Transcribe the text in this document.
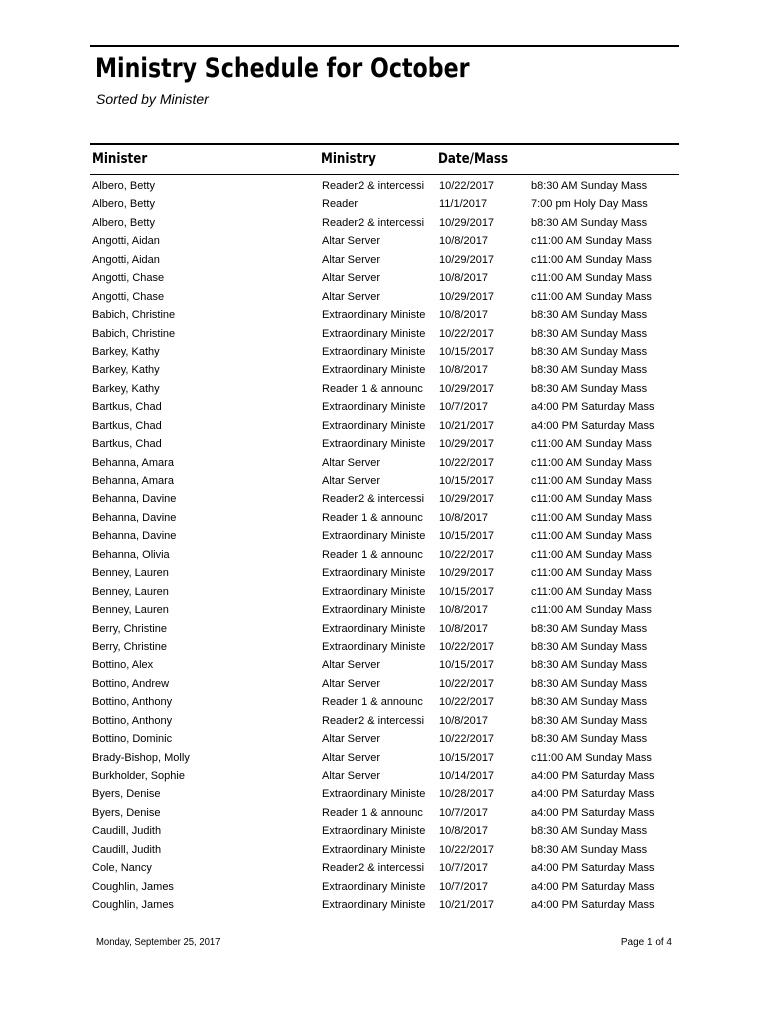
Ministry Schedule for October
Sorted by Minister
Minister	Ministry	Date/Mass
Albero, Betty	Reader2 & intercessi	10/22/2017	b8:30 AM Sunday Mass
Albero, Betty	Reader	11/1/2017	7:00 pm Holy Day Mass
Albero, Betty	Reader2 & intercessi	10/29/2017	b8:30 AM Sunday Mass
Angotti, Aidan	Altar Server	10/8/2017	c11:00 AM Sunday Mass
Angotti, Aidan	Altar Server	10/29/2017	c11:00 AM Sunday Mass
Angotti, Chase	Altar Server	10/8/2017	c11:00 AM Sunday Mass
Angotti, Chase	Altar Server	10/29/2017	c11:00 AM Sunday Mass
Babich, Christine	Extraordinary Ministe	10/8/2017	b8:30 AM Sunday Mass
Babich, Christine	Extraordinary Ministe	10/22/2017	b8:30 AM Sunday Mass
Barkey, Kathy	Extraordinary Ministe	10/15/2017	b8:30 AM Sunday Mass
Barkey, Kathy	Extraordinary Ministe	10/8/2017	b8:30 AM Sunday Mass
Barkey, Kathy	Reader 1 & announc	10/29/2017	b8:30 AM Sunday Mass
Bartkus, Chad	Extraordinary Ministe	10/7/2017	a4:00 PM Saturday Mass
Bartkus, Chad	Extraordinary Ministe	10/21/2017	a4:00 PM Saturday Mass
Bartkus, Chad	Extraordinary Ministe	10/29/2017	c11:00 AM Sunday Mass
Behanna, Amara	Altar Server	10/22/2017	c11:00 AM Sunday Mass
Behanna, Amara	Altar Server	10/15/2017	c11:00 AM Sunday Mass
Behanna, Davine	Reader2 & intercessi	10/29/2017	c11:00 AM Sunday Mass
Behanna, Davine	Reader 1 & announc	10/8/2017	c11:00 AM Sunday Mass
Behanna, Davine	Extraordinary Ministe	10/15/2017	c11:00 AM Sunday Mass
Behanna, Olivia	Reader 1 & announc	10/22/2017	c11:00 AM Sunday Mass
Benney, Lauren	Extraordinary Ministe	10/29/2017	c11:00 AM Sunday Mass
Benney, Lauren	Extraordinary Ministe	10/15/2017	c11:00 AM Sunday Mass
Benney, Lauren	Extraordinary Ministe	10/8/2017	c11:00 AM Sunday Mass
Berry, Christine	Extraordinary Ministe	10/8/2017	b8:30 AM Sunday Mass
Berry, Christine	Extraordinary Ministe	10/22/2017	b8:30 AM Sunday Mass
Bottino, Alex	Altar Server	10/15/2017	b8:30 AM Sunday Mass
Bottino, Andrew	Altar Server	10/22/2017	b8:30 AM Sunday Mass
Bottino, Anthony	Reader 1 & announc	10/22/2017	b8:30 AM Sunday Mass
Bottino, Anthony	Reader2 & intercessi	10/8/2017	b8:30 AM Sunday Mass
Bottino, Dominic	Altar Server	10/22/2017	b8:30 AM Sunday Mass
Brady-Bishop, Molly	Altar Server	10/15/2017	c11:00 AM Sunday Mass
Burkholder, Sophie	Altar Server	10/14/2017	a4:00 PM Saturday Mass
Byers, Denise	Extraordinary Ministe	10/28/2017	a4:00 PM Saturday Mass
Byers, Denise	Reader 1 & announc	10/7/2017	a4:00 PM Saturday Mass
Caudill, Judith	Extraordinary Ministe	10/8/2017	b8:30 AM Sunday Mass
Caudill, Judith	Extraordinary Ministe	10/22/2017	b8:30 AM Sunday Mass
Cole, Nancy	Reader2 & intercessi	10/7/2017	a4:00 PM Saturday Mass
Coughlin, James	Extraordinary Ministe	10/7/2017	a4:00 PM Saturday Mass
Coughlin, James	Extraordinary Ministe	10/21/2017	a4:00 PM Saturday Mass
Monday, September 25, 2017	Page 1 of 4
